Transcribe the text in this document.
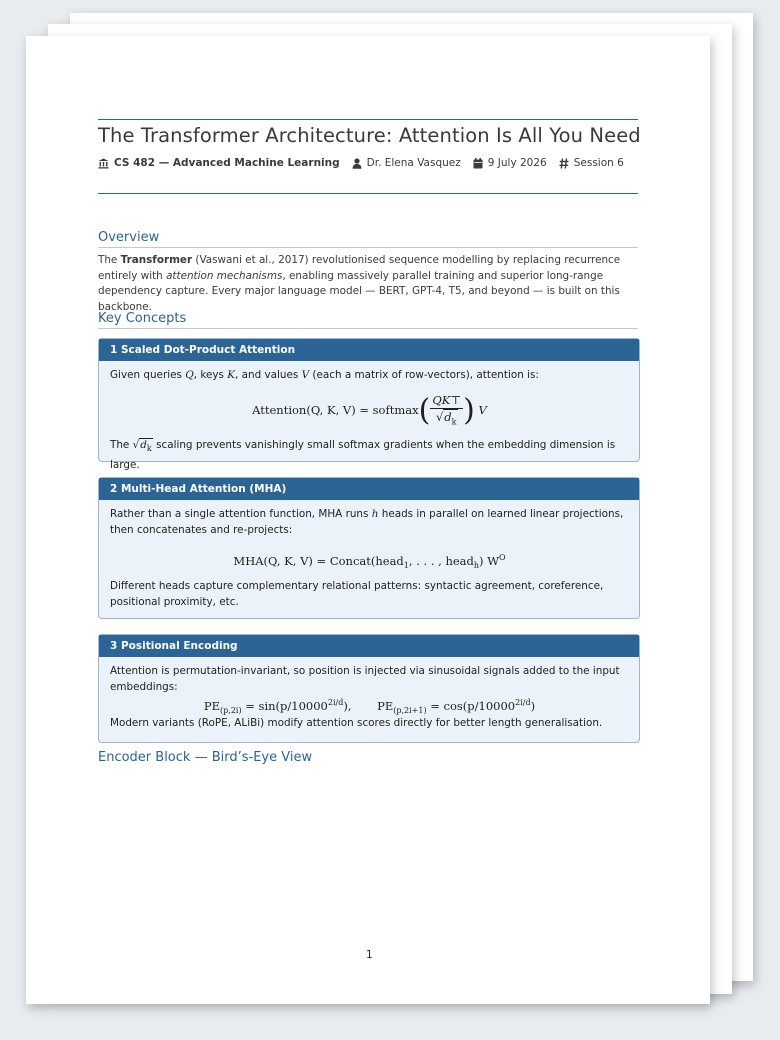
The Transformer Architecture: Attention Is All You Need
CS 482 — Advanced Machine Learning	Dr. Elena Vasquez	9 July 2026	Session 6
Overview
The Transformer (Vaswani et al., 2017) revolutionised sequence modelling by replacing recurrence entirely with attention mechanisms, enabling massively parallel training and superior long-range dependency capture. Every major language model — BERT, GPT-4, T5, and beyond — is built on this backbone.
Key Concepts
1 Scaled Dot-Product Attention
Given queries Q, keys K, and values V (each a matrix of row-vectors), attention is:
Attention(Q, K, V) = softmax( $\frac{QK⊤}{√d_k}$ ) V
The $√d_k$ scaling prevents vanishingly small softmax gradients when the embedding dimension is large.
2 Multi-Head Attention (MHA)
Rather than a single attention function, MHA runs h heads in parallel on learned linear projections, then concatenates and re-projects:
MHA(Q, K, V) = Concat(head$_1$, . . . , head$_h$) $W^O$
Different heads capture complementary relational patterns: syntactic agreement, coreference, positional proximity, etc.
3 Positional Encoding
Attention is permutation-invariant, so position is injected via sinusoidal signals added to the input embeddings:
$PE_{(p,2i)} = \sin(p/10000^{2i/d})$, $PE_{(p,2i+1)} = \cos(p/10000^{2i/d})$
Modern variants (RoPE, ALiBi) modify attention scores directly for better length generalisation.
Encoder Block — Bird’s-Eye View
1
